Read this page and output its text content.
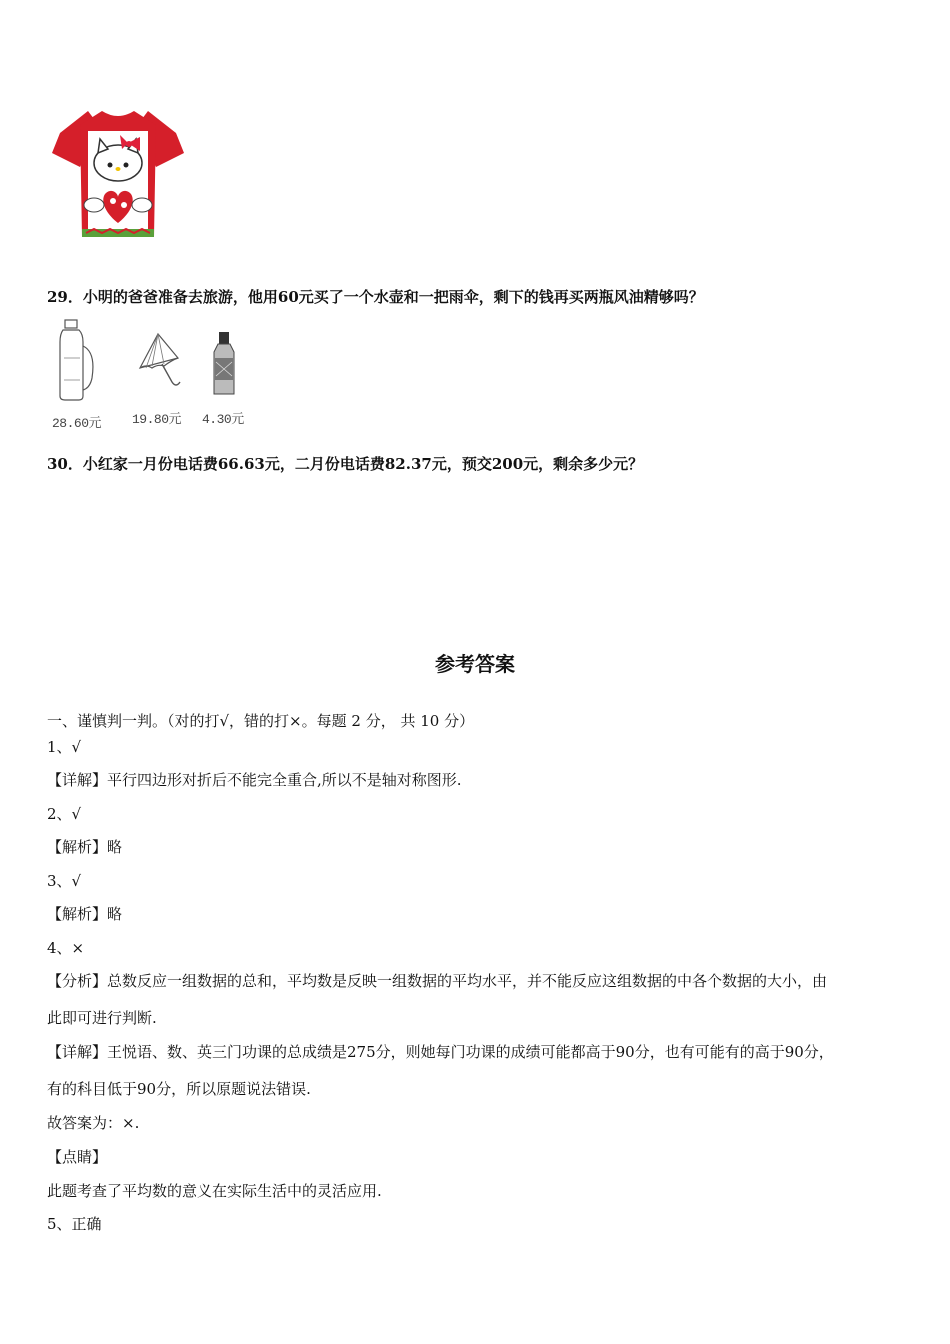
29．小明的爸爸准备去旅游，他用60元买了一个水壶和一把雨伞，剩下的钱再买两瓶风油精够吗？
28.60元	19.80元	4.30元
30．小红家一月份电话费66.63元，二月份电话费82.37元，预交200元，剩余多少元？
参考答案
一、谨慎判一判。（对的打√，错的打×。每题 2 分， 共 10 分）
1、√
【详解】平行四边形对折后不能完全重合,所以不是轴对称图形.
2、√
【解析】略
3、√
【解析】略
4、×
【分析】总数反应一组数据的总和，平均数是反映一组数据的平均水平，并不能反应这组数据的中各个数据的大小，由
此即可进行判断.
【详解】王悦语、数、英三门功课的总成绩是275分，则她每门功课的成绩可能都高于90分，也有可能有的高于90分，
有的科目低于90分，所以原题说法错误.
故答案为：×.
【点睛】
此题考查了平均数的意义在实际生活中的灵活应用.
5、正确
